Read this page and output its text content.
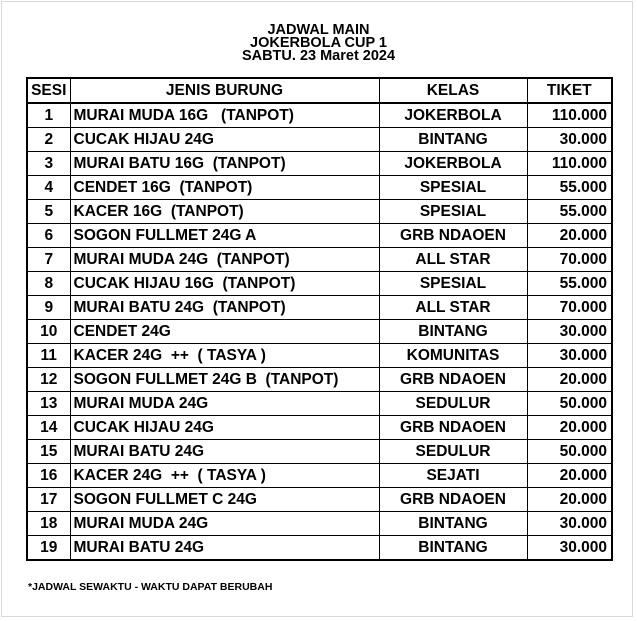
JADWAL MAIN
JOKERBOLA CUP 1
SABTU. 23 Maret 2024
SESI	JENIS BURUNG	KELAS	TIKET
1	MURAI MUDA 16G   (TANPOT)	JOKERBOLA	110.000
2	CUCAK HIJAU 24G	BINTANG	30.000
3	MURAI BATU 16G  (TANPOT)	JOKERBOLA	110.000
4	CENDET 16G  (TANPOT)	SPESIAL	55.000
5	KACER 16G  (TANPOT)	SPESIAL	55.000
6	SOGON FULLMET 24G A	GRB NDAOEN	20.000
7	MURAI MUDA 24G  (TANPOT)	ALL STAR	70.000
8	CUCAK HIJAU 16G  (TANPOT)	SPESIAL	55.000
9	MURAI BATU 24G  (TANPOT)	ALL STAR	70.000
10	CENDET 24G	BINTANG	30.000
11	KACER 24G  ++  ( TASYA )	KOMUNITAS	30.000
12	SOGON FULLMET 24G B  (TANPOT)	GRB NDAOEN	20.000
13	MURAI MUDA 24G	SEDULUR	50.000
14	CUCAK HIJAU 24G	GRB NDAOEN	20.000
15	MURAI BATU 24G	SEDULUR	50.000
16	KACER 24G  ++  ( TASYA )	SEJATI	20.000
17	SOGON FULLMET C 24G	GRB NDAOEN	20.000
18	MURAI MUDA 24G	BINTANG	30.000
19	MURAI BATU 24G	BINTANG	30.000
*JADWAL SEWAKTU - WAKTU DAPAT BERUBAH
